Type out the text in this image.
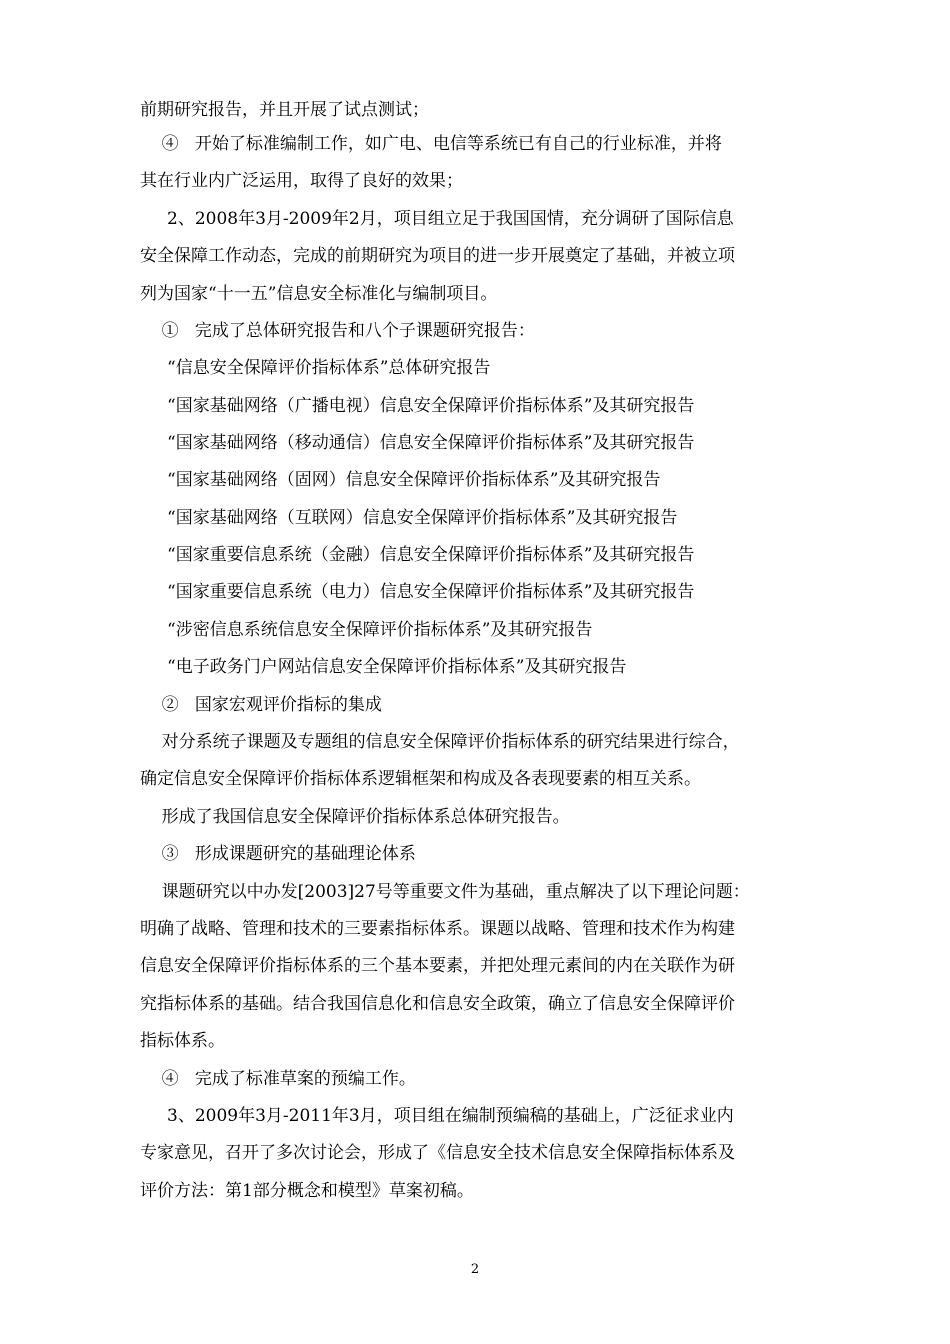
前期研究报告，并且开展了试点测试；
④   开始了标准编制工作，如广电、电信等系统已有自己的行业标准，并将
其在行业内广泛运用，取得了良好的效果；
2、2008年3月-2009年2月，项目组立足于我国国情，充分调研了国际信息
安全保障工作动态，完成的前期研究为项目的进一步开展奠定了基础，并被立项
列为国家“十一五”信息安全标准化与编制项目。
①   完成了总体研究报告和八个子课题研究报告：
“信息安全保障评价指标体系”总体研究报告
“国家基础网络（广播电视）信息安全保障评价指标体系”及其研究报告
“国家基础网络（移动通信）信息安全保障评价指标体系”及其研究报告
“国家基础网络（固网）信息安全保障评价指标体系”及其研究报告
“国家基础网络（互联网）信息安全保障评价指标体系”及其研究报告
“国家重要信息系统（金融）信息安全保障评价指标体系”及其研究报告
“国家重要信息系统（电力）信息安全保障评价指标体系”及其研究报告
“涉密信息系统信息安全保障评价指标体系”及其研究报告
“电子政务门户网站信息安全保障评价指标体系”及其研究报告
②   国家宏观评价指标的集成
对分系统子课题及专题组的信息安全保障评价指标体系的研究结果进行综合，
确定信息安全保障评价指标体系逻辑框架和构成及各表现要素的相互关系。
形成了我国信息安全保障评价指标体系总体研究报告。
③   形成课题研究的基础理论体系
课题研究以中办发[2003]27号等重要文件为基础，重点解决了以下理论问题：
明确了战略、管理和技术的三要素指标体系。课题以战略、管理和技术作为构建
信息安全保障评价指标体系的三个基本要素，并把处理元素间的内在关联作为研
究指标体系的基础。结合我国信息化和信息安全政策，确立了信息安全保障评价
指标体系。
④   完成了标准草案的预编工作。
3、2009年3月-2011年3月，项目组在编制预编稿的基础上，广泛征求业内
专家意见，召开了多次讨论会，形成了《信息安全技术信息安全保障指标体系及
评价方法：第1部分概念和模型》草案初稿。
2
